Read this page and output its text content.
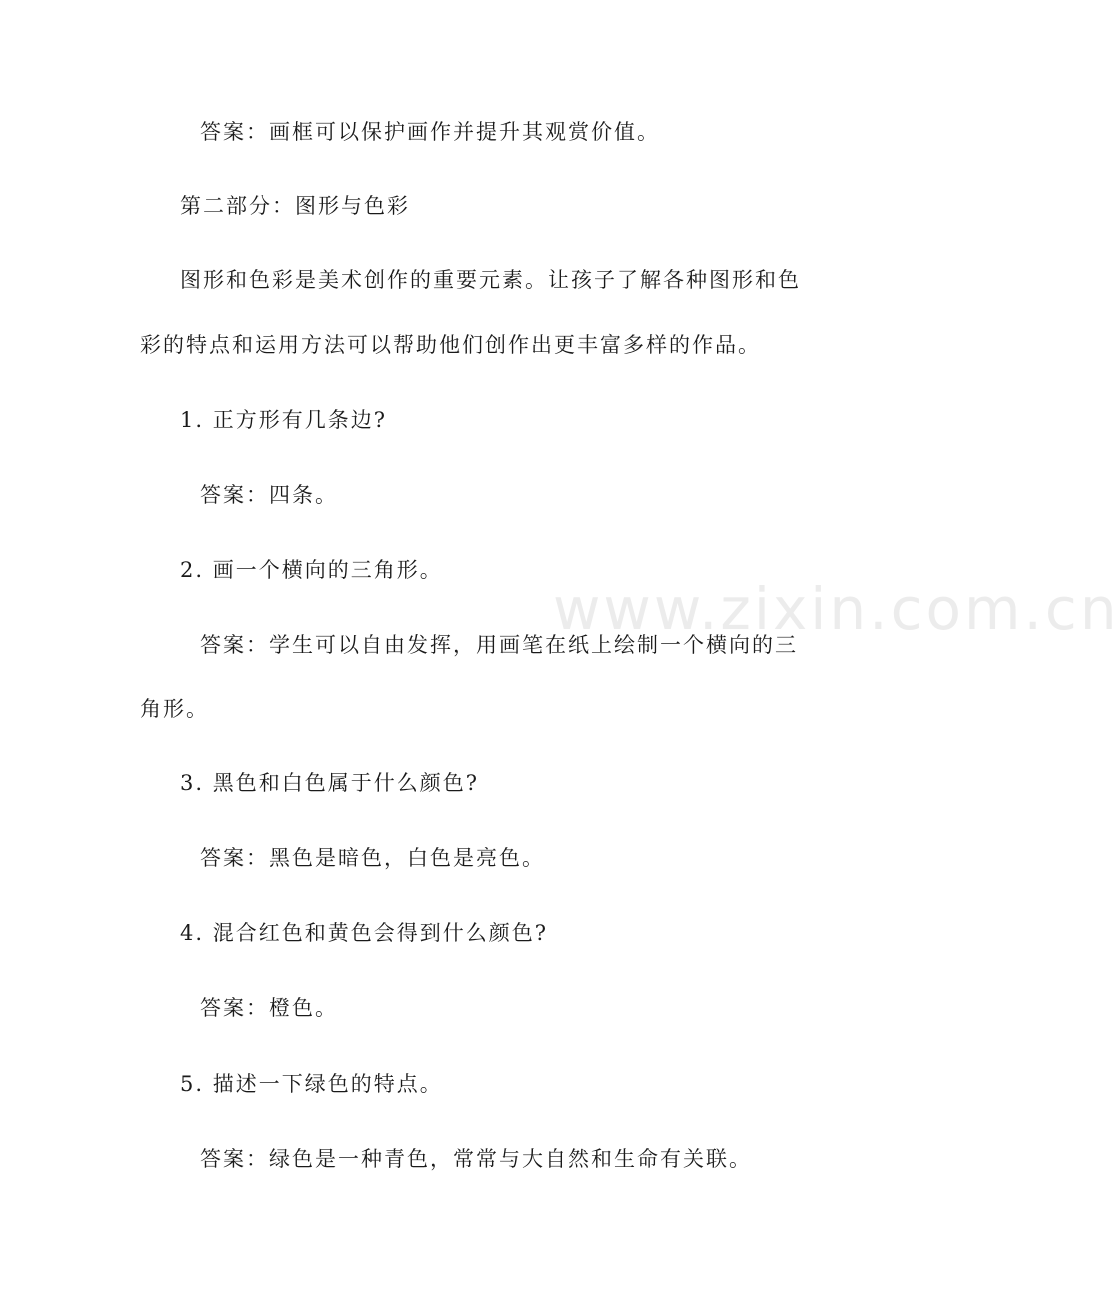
www.zixin.com.cn
答案：画框可以保护画作并提升其观赏价值。
第二部分：图形与色彩
图形和色彩是美术创作的重要元素。让孩子了解各种图形和色
彩的特点和运用方法可以帮助他们创作出更丰富多样的作品。
1. 正方形有几条边?
答案：四条。
2. 画一个横向的三角形。
答案：学生可以自由发挥，用画笔在纸上绘制一个横向的三
角形。
3. 黑色和白色属于什么颜色?
答案：黑色是暗色，白色是亮色。
4. 混合红色和黄色会得到什么颜色?
答案：橙色。
5. 描述一下绿色的特点。
答案：绿色是一种青色，常常与大自然和生命有关联。
